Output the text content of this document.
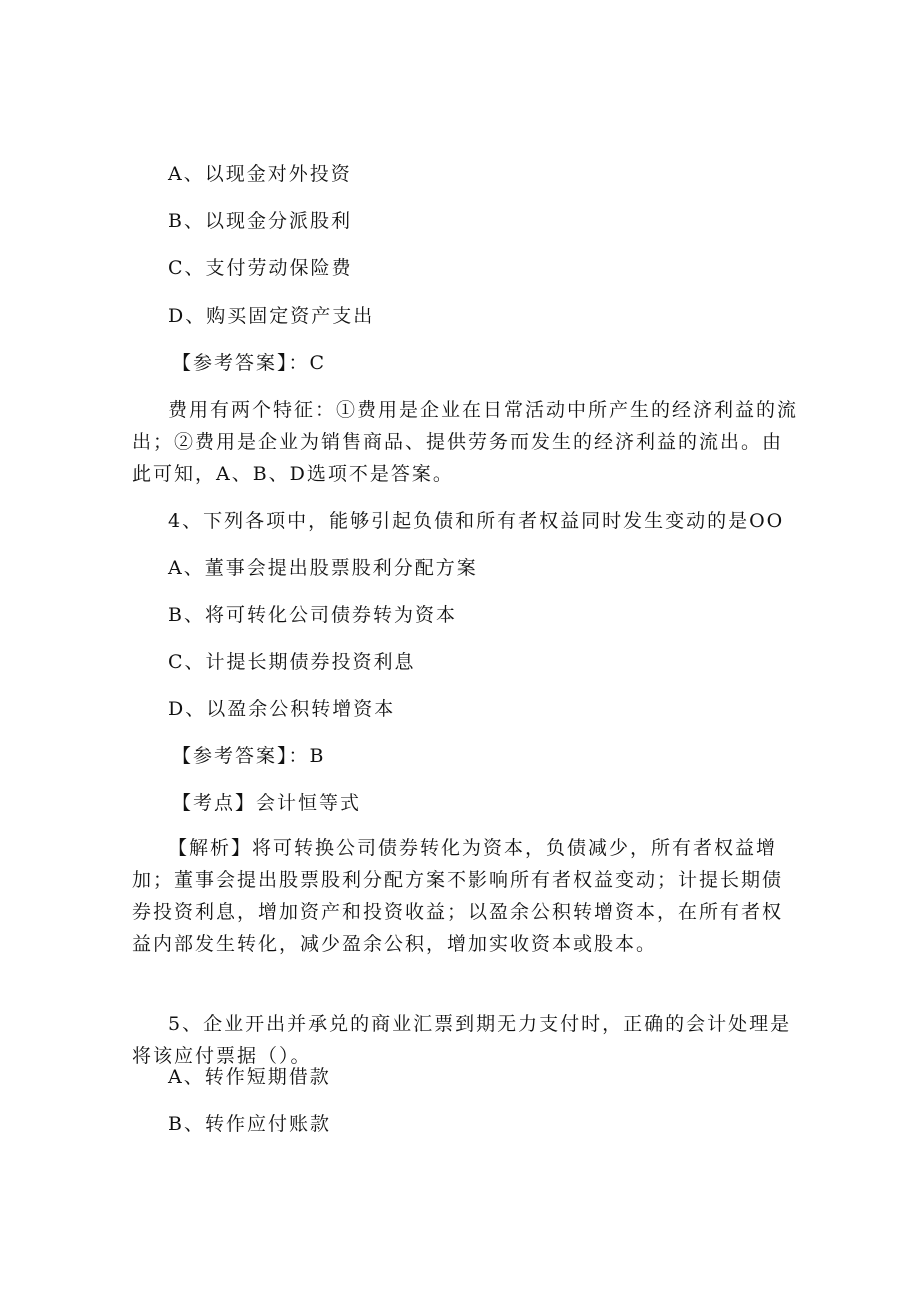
A、以现金对外投资
B、以现金分派股利
C、支付劳动保险费
D、购买固定资产支出
【参考答案】：C
费用有两个特征：①费用是企业在日常活动中所产生的经济利益的流出；②费用是企业为销售商品、提供劳务而发生的经济利益的流出。由此可知，A、B、D选项不是答案。
4、下列各项中，能够引起负债和所有者权益同时发生变动的是OO
A、董事会提出股票股利分配方案
B、将可转化公司债券转为资本
C、计提长期债券投资利息
D、以盈余公积转增资本
【参考答案】：B
【考点】会计恒等式
【解析】将可转换公司债券转化为资本，负债减少，所有者权益增加；董事会提出股票股利分配方案不影响所有者权益变动；计提长期债券投资利息，增加资产和投资收益；以盈余公积转增资本，在所有者权益内部发生转化，减少盈余公积，增加实收资本或股本。
5、企业开出并承兑的商业汇票到期无力支付时，正确的会计处理是将该应付票据（）。
A、转作短期借款
B、转作应付账款
